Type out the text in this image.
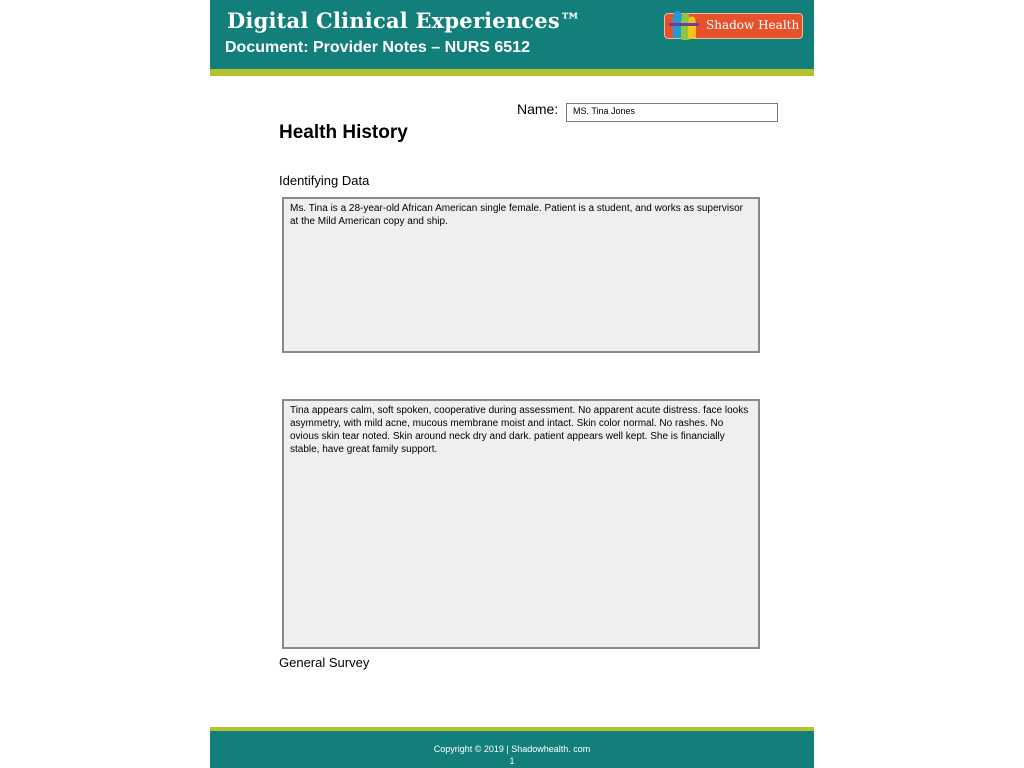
Digital Clinical Experiences™
Document: Provider Notes – NURS 6512
Shadow Health
Name:	MS. Tina Jones
Health History
Identifying Data
Ms. Tina is a 28-year-old African American single female. Patient is a student, and works as supervisor at the Mild American copy and ship.
Tina appears calm, soft spoken, cooperative during assessment. No apparent acute distress. face looks asymmetry, with mild acne, mucous membrane moist and intact. Skin color normal. No rashes. No ovious skin tear noted. Skin around neck dry and dark. patient appears well kept. She is financially stable, have great family support.
General Survey
Copyright © 2019 | Shadowhealth. com
1
